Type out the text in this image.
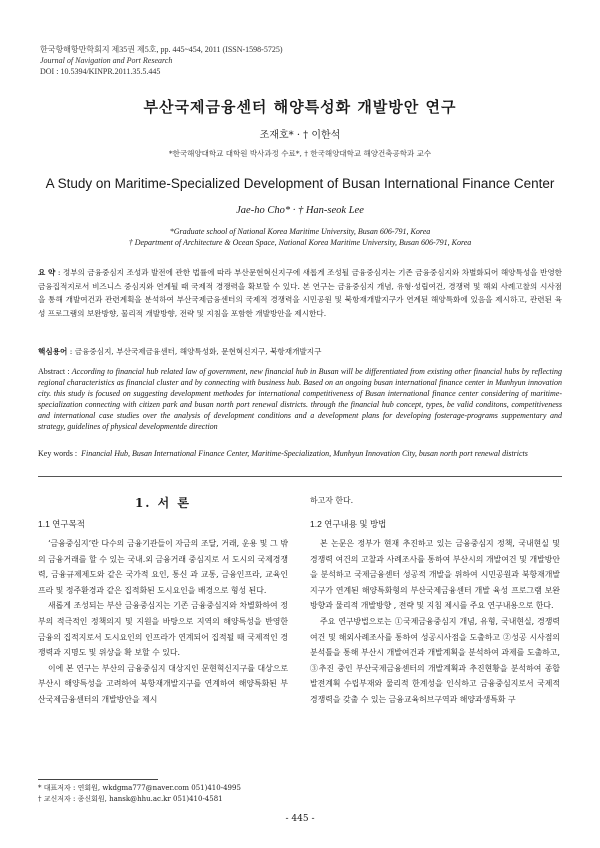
한국항해항만학회지 제35권 제5호, pp. 445~454, 2011 (ISSN-1598-5725)
Journal of Navigation and Port Research
DOI : 10.5394/KINPR.2011.35.5.445
부산국제금융센터 해양특성화 개발방안 연구
조재호* · † 이한석
*한국해양대학교 대학원 박사과정 수료*, † 한국해양대학교 해양건축공학과 교수
A Study on Maritime-Specialized Development of Busan International Finance Center
Jae-ho Cho* · † Han-seok Lee
*Graduate school of National Korea Maritime University, Busan 606-791, Korea
† Department of Architecture & Ocean Space, National Korea Maritime University, Busan 606-791, Korea
요 약 : 정부의 금융중심지 조성과 발전에 관한 법률에 따라 부산문현혁신지구에 새롭게 조성될 금융중심지는 기존 금융중심지와 차별화되어 해양특성을 반영한 금융집적지로서 비즈니스 중심지와 연계될 때 국제적 경쟁력을 확보할 수 있다. 본 연구는 금융중심지 개념, 유형·성립여건, 경쟁력 및 해외 사례고찰의 시사점을 통해 개발여건과 관련계획을 분석하여 부산국제금융센터의 국제적 경쟁력을 시민공원 및 북항재개발지구가 연계된 해양특화에 있음을 제시하고, 관련된 육성 프로그램의 보완방향, 물리적 개발방향, 전략 및 지침을 포함한 개발방안을 제시한다.
핵심용어 : 금융중심지, 부산국제금융센터, 해양특성화, 문현혁신지구, 북항재개발지구
Abstract : According to financial hub related law of government, new financial hub in Busan will be differentiated from existing other financial hubs by reflecting regional characteristics as financial cluster and by connecting with business hub. Based on an ongoing busan international finance center in Munhyun innovation city. this study is focused on suggesting development methodes for international competitiveness of Busan international finance center considering of maritime-specialization connecting with citizen park and busan north port renewal districts. through the financial hub concept, types, be valid conditons, competitiveness and international case studies over the analysis of development conditions and a development plans for developing fosterage-programs suppementary and strategy, guidelines of physical developmentde direction
Key words : Financial Hub, Busan International Finance Center, Maritime-Specialization, Munhyun Innovation City, busan north port renewal districts
1. 서 론
1.1 연구목적

‘금융중심지’란 다수의 금융기관들이 자금의 조달, 거래, 운용 및 그 밖의 금융거래를 할 수 있는 국내.외 금융거래 중심지로 서 도시의 국제경쟁력, 금융규제제도와 같은 국가적 요인, 통신 과 교통, 금융인프라, 교육인프라 및 정주환경과 같은 집적화된 도시요인을 배경으로 형성 된다.

새롭게 조성되는 부산 금융중심지는 기존 금융중심지와 차별화하여 정부의 적극적인 정책의지 및 지원을 바탕으로 지역의 해양특성을 반영한 금융의 집적지로서 도시요인의 인프라가 연계되어 집적될 때 국제적인 경쟁력과 지명도 및 위상을 확 보할 수 있다.

이에 본 연구는 부산의 금융중심지 대상지인 문현혁신지구를 대상으로 부산시 해양특성을 고려하여 북항재개발지구를 연계하여 해양특화된 부산국제금융센터의 개발방안을 제시

하고자 한다.

1.2 연구내용 및 방법

본 논문은 정부가 현재 추진하고 있는 금융중심지 정책, 국내현실 및 경쟁력 여건의 고찰과 사례조사를 통하여 부산시의 개발여건 및 개발방안을 분석하고 국제금융센터 성공적 개발을 위하여 시민공원과 북항재개발지구가 연계된 해양특화형의 부산국제금융센터 개발 육성 프로그램 보완방향과 물리적 개발방향 , 전략 및 지침 제시를 주요 연구내용으로 한다.

주요 연구방법으로는 ①국제금융중심지 개념, 유형, 국내현실, 경쟁력 여건 및 해외사례조사를 통하여 성공시사점을 도출하고 ②성공 시사점의 분석틀을 통해 부산시 개발여건과 개발계획을 분석하여 과제를 도출하고, ③추진 중인 부산국제금융센터의 개발계획과 추진현황을 분석하여 종합발전계획 수립부재와 물리적 한계성을 인식하고 금융중심지로서 국제적 경쟁력을 갖출 수 있는 금융교육허브구역과 해양과생특화 구

* 대표저자 : 연회원, wkdgma777@naver.com 051)410-4995
† 교신저자 : 종신회원, hansk@hhu.ac.kr 051)410-4581
- 445 -
